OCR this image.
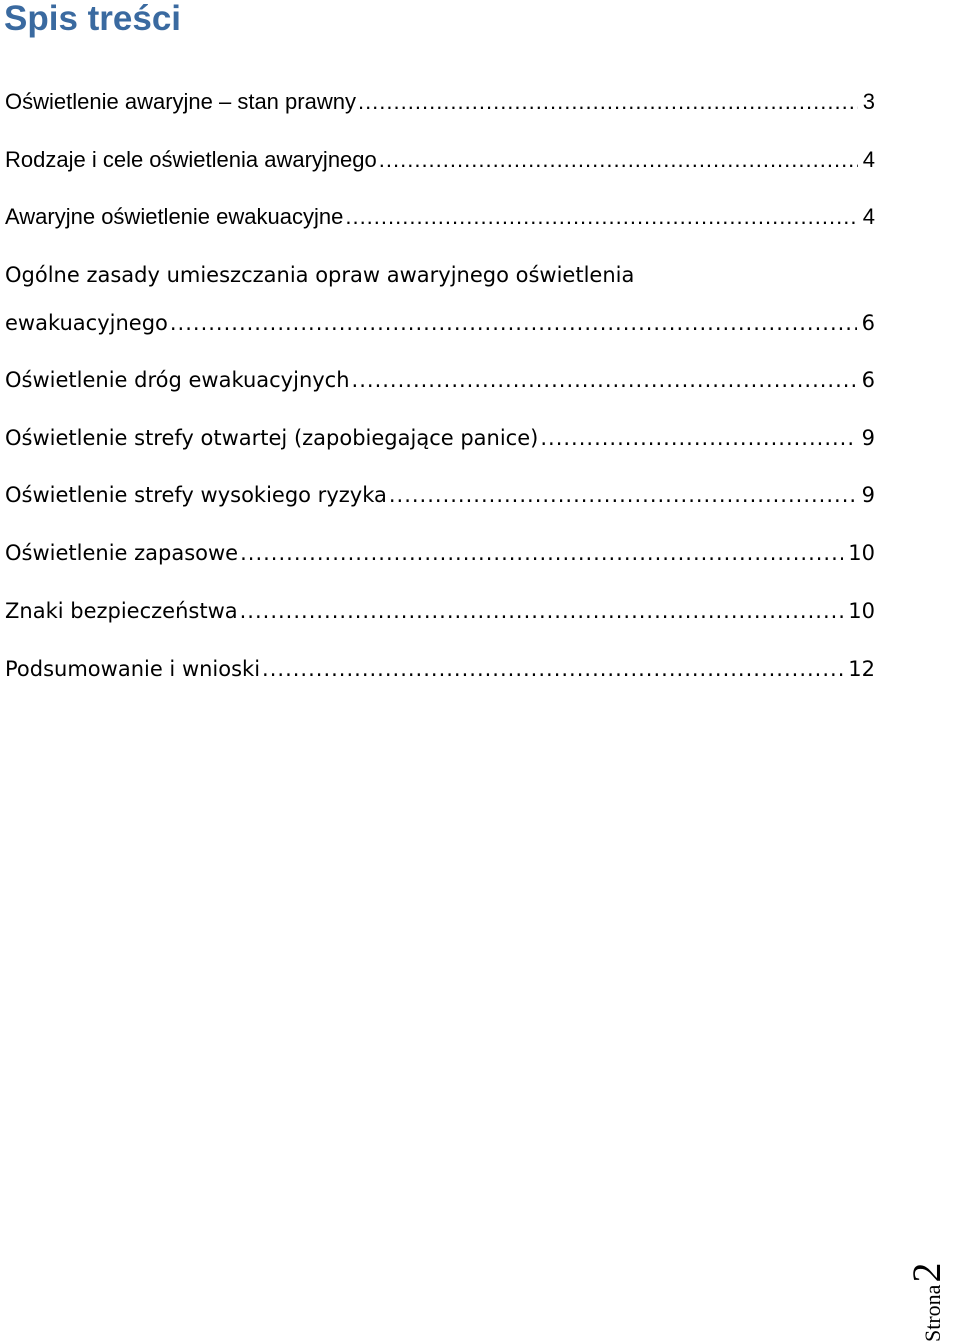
Spis treści
Oświetlenie awaryjne – stan prawny .....	3
Rodzaje i cele oświetlenia awaryjnego .....	4
Awaryjne oświetlenie ewakuacyjne .....	4
Ogólne zasady umieszczania opraw awaryjnego oświetlenia
ewakuacyjnego .....	6
Oświetlenie dróg ewakuacyjnych .....	6
Oświetlenie strefy otwartej (zapobiegające panice) .....	9
Oświetlenie strefy wysokiego ryzyka .....	9
Oświetlenie zapasowe .....	10
Znaki bezpieczeństwa .....	10
Podsumowanie i wnioski .....	12
Strona
2
